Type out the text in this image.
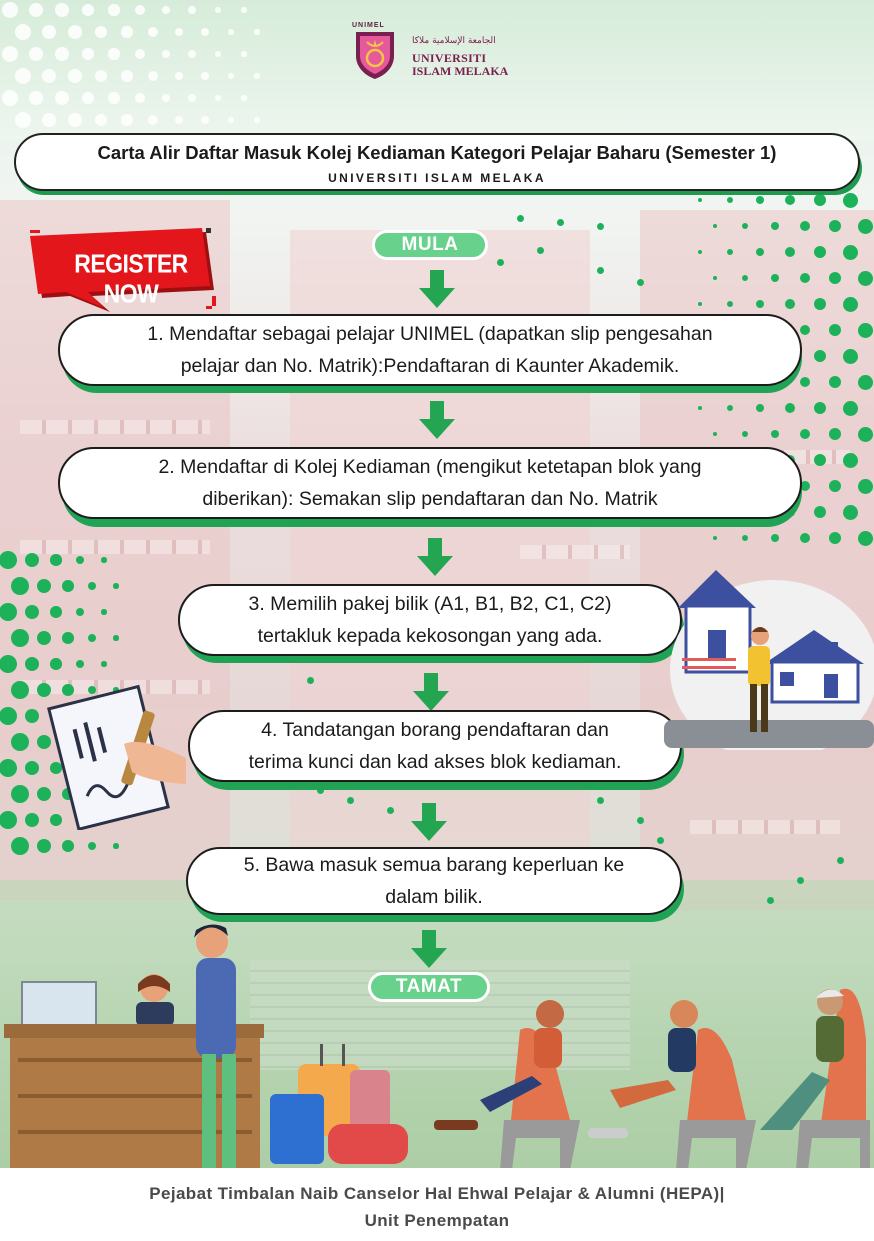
UNIMEL
الجامعة الإسلامية ملاكا
UNIVERSITI
ISLAM MELAKA
Carta Alir Daftar Masuk Kolej Kediaman Kategori Pelajar Baharu (Semester 1)
UNIVERSITI ISLAM MELAKA
REGISTER NOW
MULA
1. Mendaftar sebagai pelajar UNIMEL (dapatkan slip pengesahan
pelajar dan No. Matrik):Pendaftaran di Kaunter Akademik.
2. Mendaftar di Kolej Kediaman (mengikut ketetapan blok yang
diberikan): Semakan slip pendaftaran dan No. Matrik
3. Memilih pakej bilik (A1, B1, B2, C1, C2)
tertakluk kepada kekosongan yang ada.
4. Tandatangan borang pendaftaran dan
terima kunci dan kad akses blok kediaman.
5. Bawa masuk semua barang keperluan ke
dalam bilik.
TAMAT
Pejabat Timbalan Naib Canselor Hal Ehwal Pelajar & Alumni (HEPA)|
Unit Penempatan
